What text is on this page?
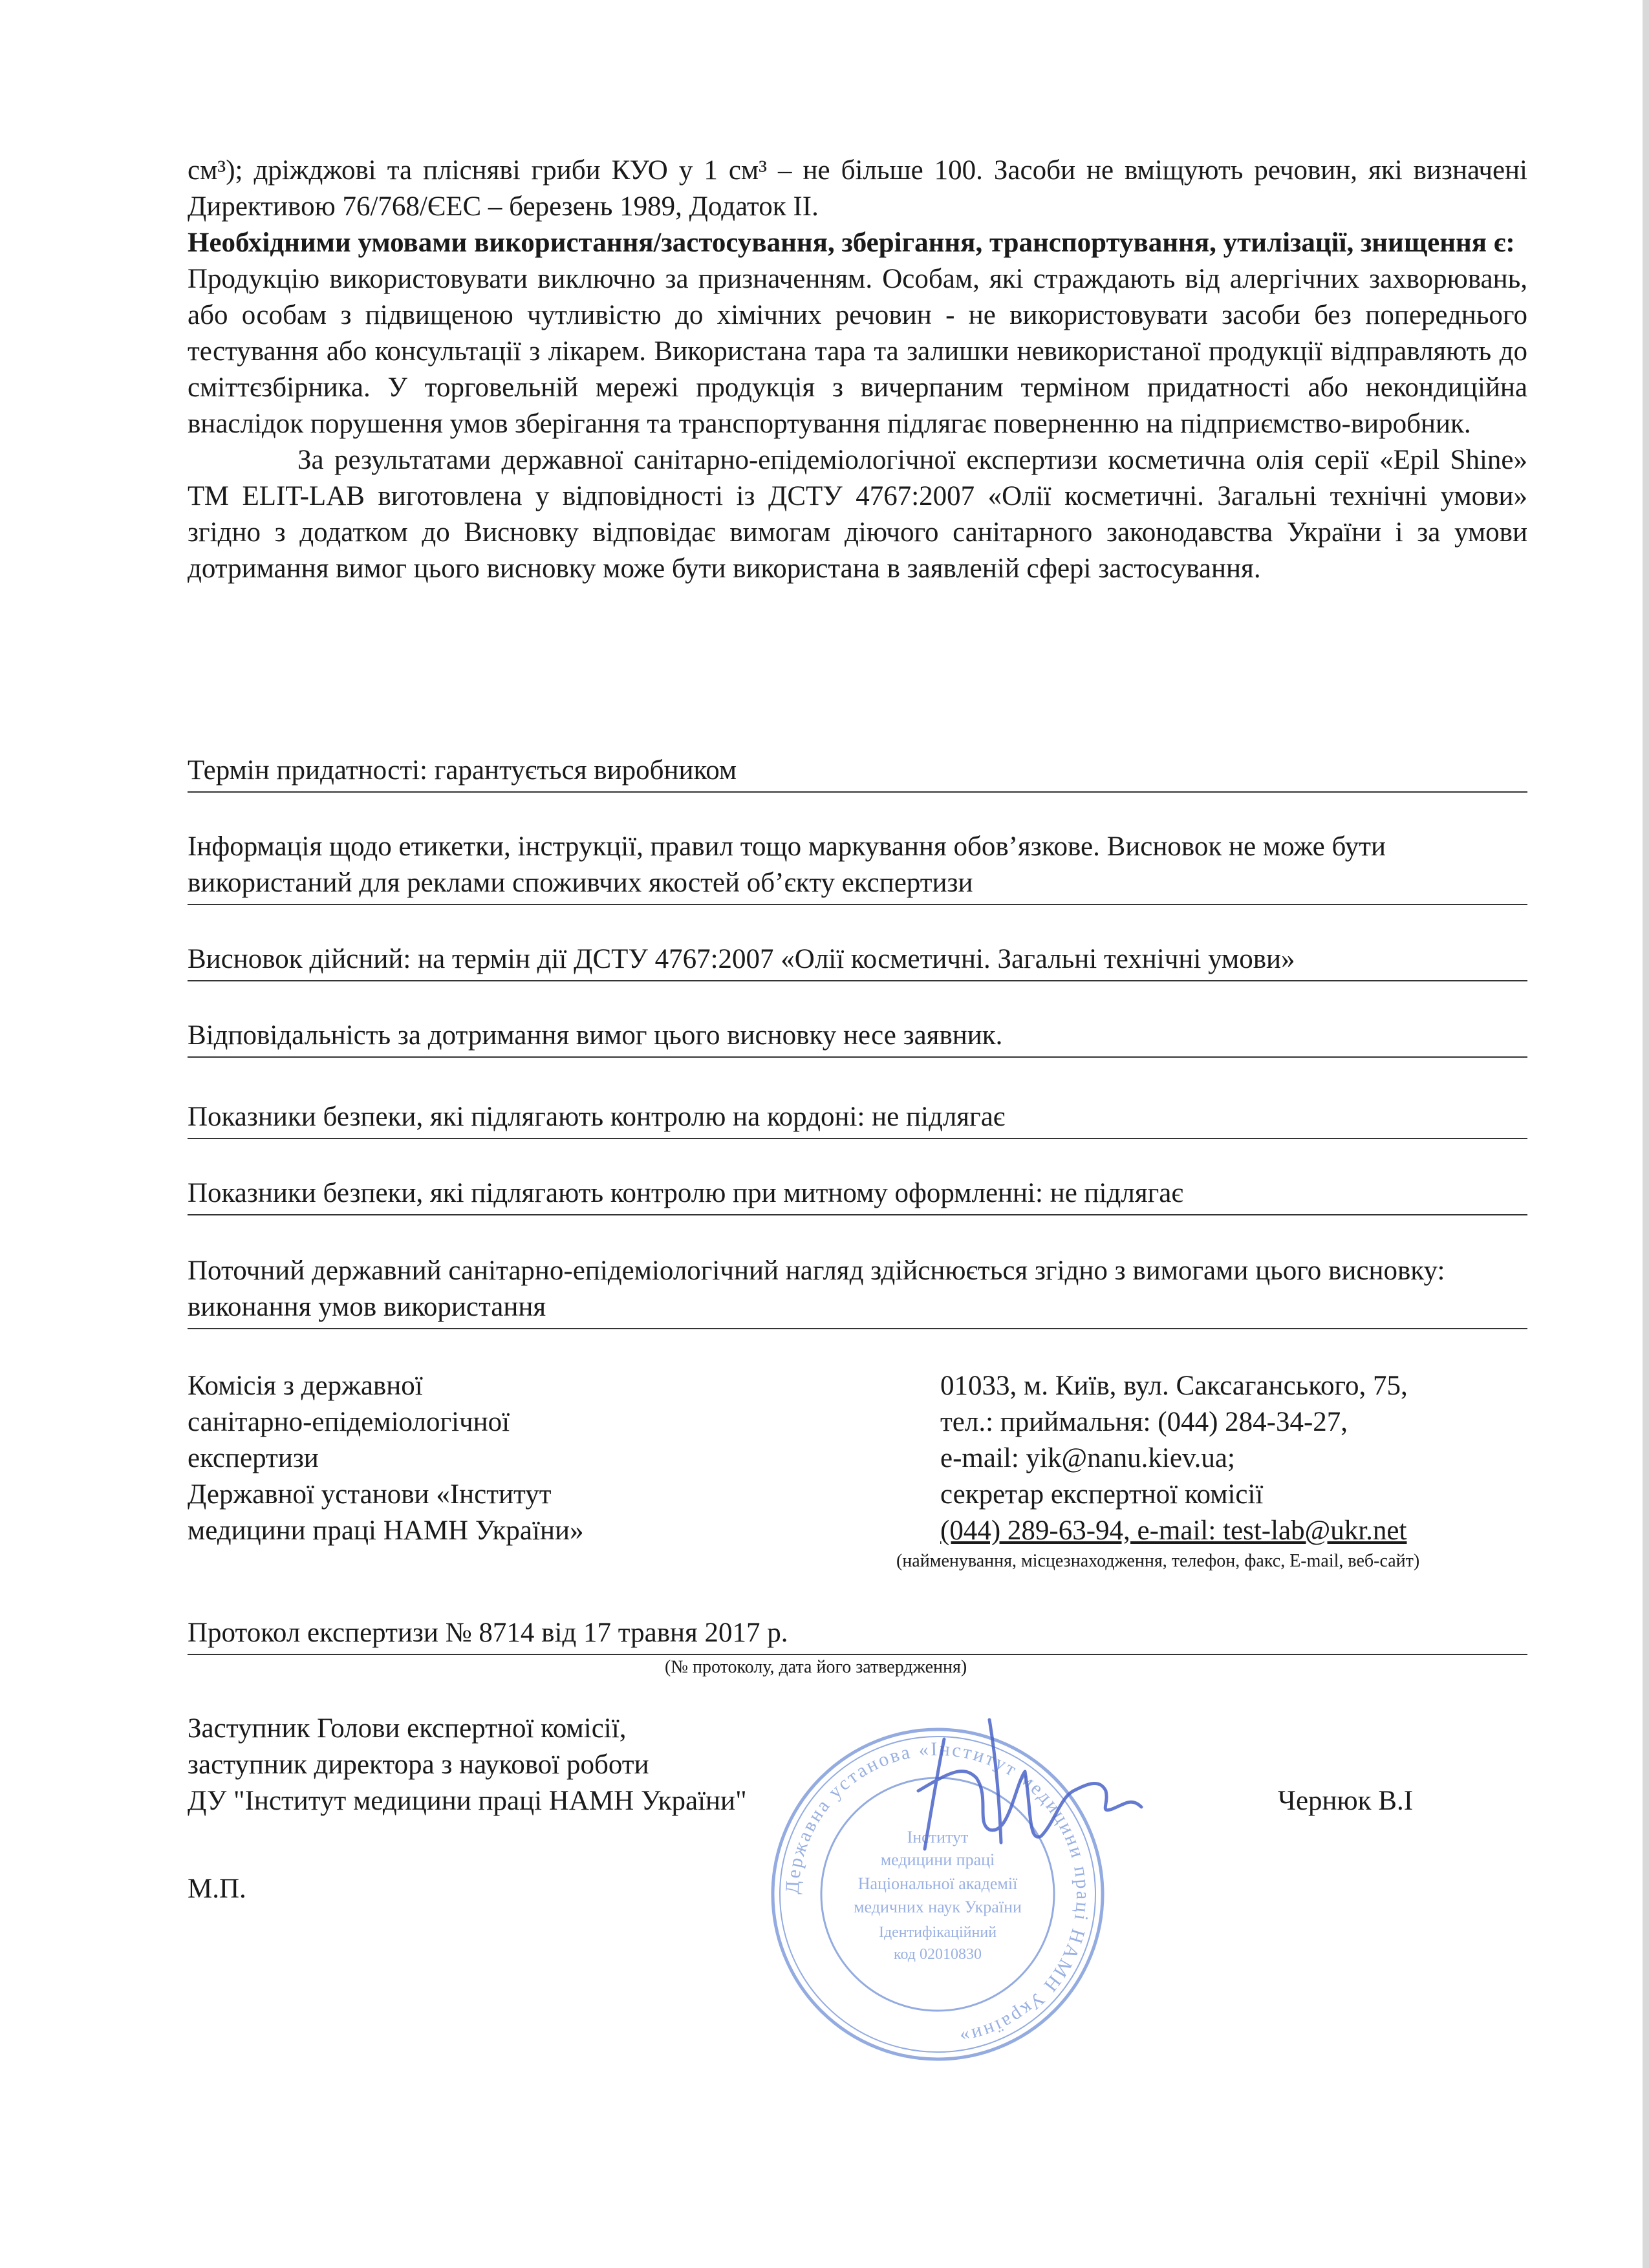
см³); дріжджові та плісняві гриби КУО у 1 см³ – не більше 100. Засоби не вміщують речовин, які визначені Директивою 76/768/ЄЕС – березень 1989, Додаток II.

Необхідними умовами використання/застосування, зберігання, транспортування, утилізації, знищення є:

Продукцію використовувати виключно за призначенням. Особам, які страждають від алергічних захворювань, або особам з підвищеною чутливістю до хімічних речовин - не використовувати засоби без попереднього тестування або консультації з лікарем. Використана тара та залишки невикористаної продукції відправляють до сміттєзбірника. У торговельній мережі продукція з вичерпаним терміном придатності або некондиційна внаслідок порушення умов зберігання та транспортування підлягає поверненню на підприємство-виробник.

За результатами державної санітарно-епідеміологічної експертизи косметична олія серії «Epil Shine» ТМ ELIT-LAB виготовлена у відповідності із ДСТУ 4767:2007 «Олії косметичні. Загальні технічні умови» згідно з додатком до Висновку відповідає вимогам діючого санітарного законодавства України і за умови дотримання вимог цього висновку може бути використана в заявленій сфері застосування.

Термін придатності: гарантується виробником
Інформація щодо етикетки, інструкції, правил тощо маркування обов’язкове. Висновок не може бути використаний для реклами споживчих якостей об’єкту експертизи
Висновок дійсний: на термін дії ДСТУ 4767:2007 «Олії косметичні. Загальні технічні умови»
Відповідальність за дотримання вимог цього висновку несе заявник.
Показники безпеки, які підлягають контролю на кордоні: не підлягає
Показники безпеки, які підлягають контролю при митному оформленні: не підлягає
Поточний державний санітарно-епідеміологічний нагляд здійснюється згідно з вимогами цього висновку: виконання умов використання
Комісія з державної
санітарно-епідеміологічної
експертизи
Державної установи «Інститут
медицини праці НАМН України»
01033, м. Київ, вул. Саксаганського, 75,
тел.: приймальня: (044) 284-34-27,
e-mail: yik@nanu.kiev.ua;
секретар експертної комісії
(044) 289-63-94, e-mail: test-lab@ukr.net
(найменування, місцезнаходження, телефон, факс, E-mail, веб-сайт)
Протокол експертизи № 8714 від 17 травня 2017 р.
(№ протоколу, дата його затвердження)
Заступник Голови експертної комісії,
заступник директора з наукової роботи
ДУ "Інститут медицини праці НАМН України"	Чернюк В.І
М.П.	Державна установа «Інститут медицини праці НАМН України»
Інститут
медицини праці
Національної академії
медичних наук України
Ідентифікаційний
код 02010830
